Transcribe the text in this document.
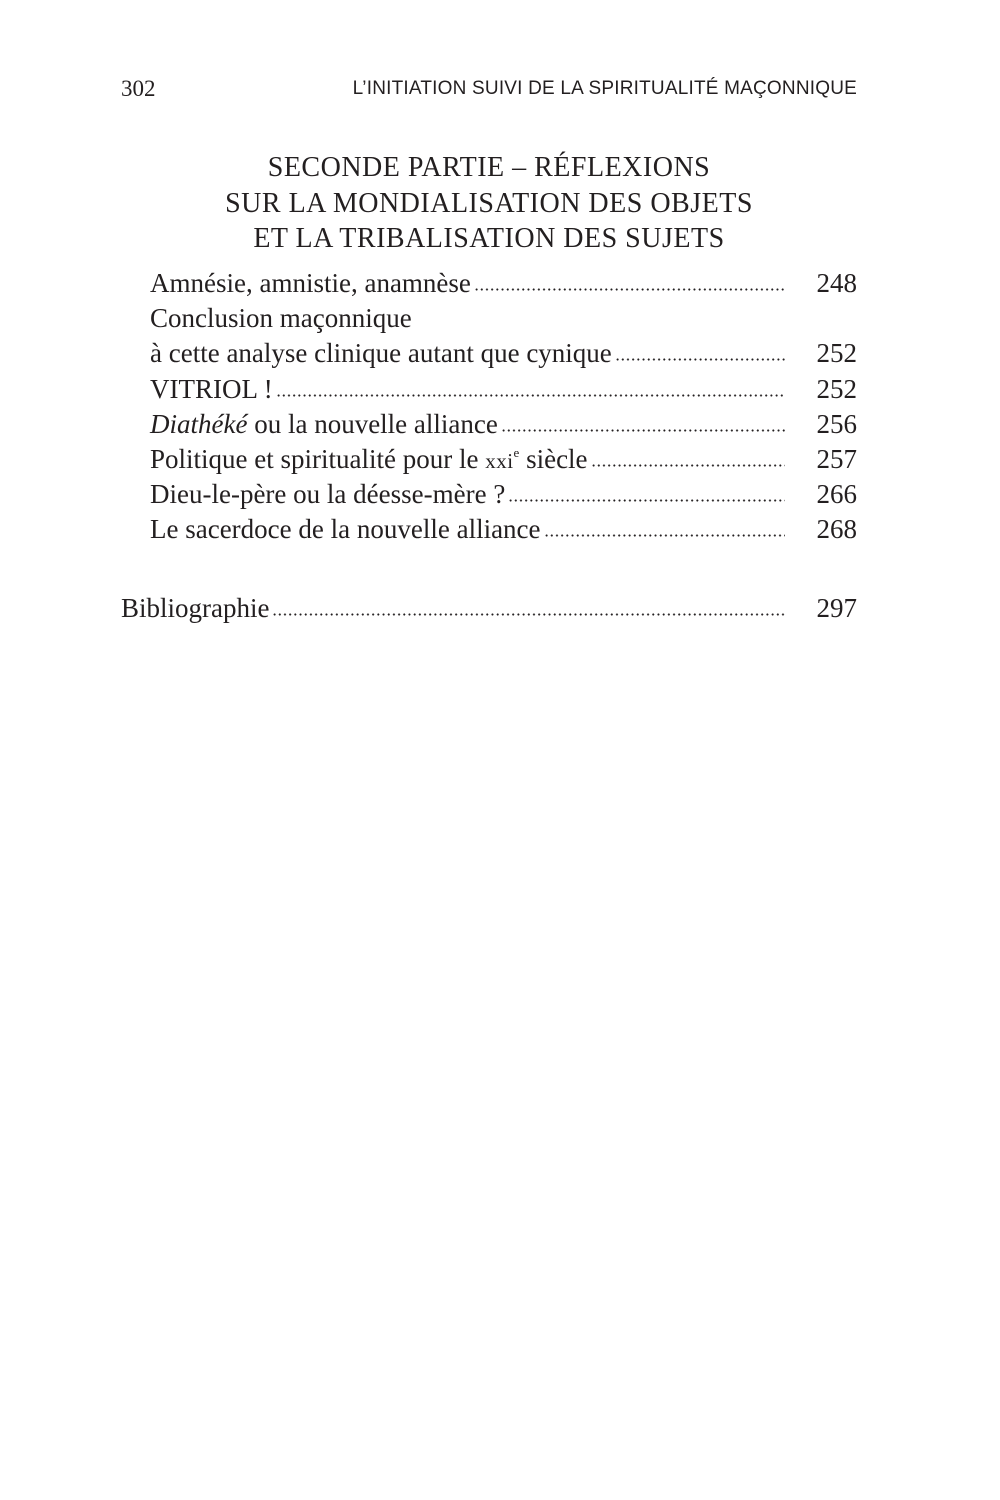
302	L’INITIATION SUIVI DE LA SPIRITUALITÉ MAÇONNIQUE
SECONDE PARTIE – RÉFLEXIONS
SUR LA MONDIALISATION DES OBJETS
ET LA TRIBALISATION DES SUJETS
Amnésie, amnistie, anamnèse	248
Conclusion maçonnique
à cette analyse clinique autant que cynique	252
VITRIOL !	252
Diathéké ou la nouvelle alliance	256
Politique et spiritualité pour le xxi$^e$ siècle	257
Dieu-le-père ou la déesse-mère ?	266
Le sacerdoce de la nouvelle alliance	268
Bibliographie	297
